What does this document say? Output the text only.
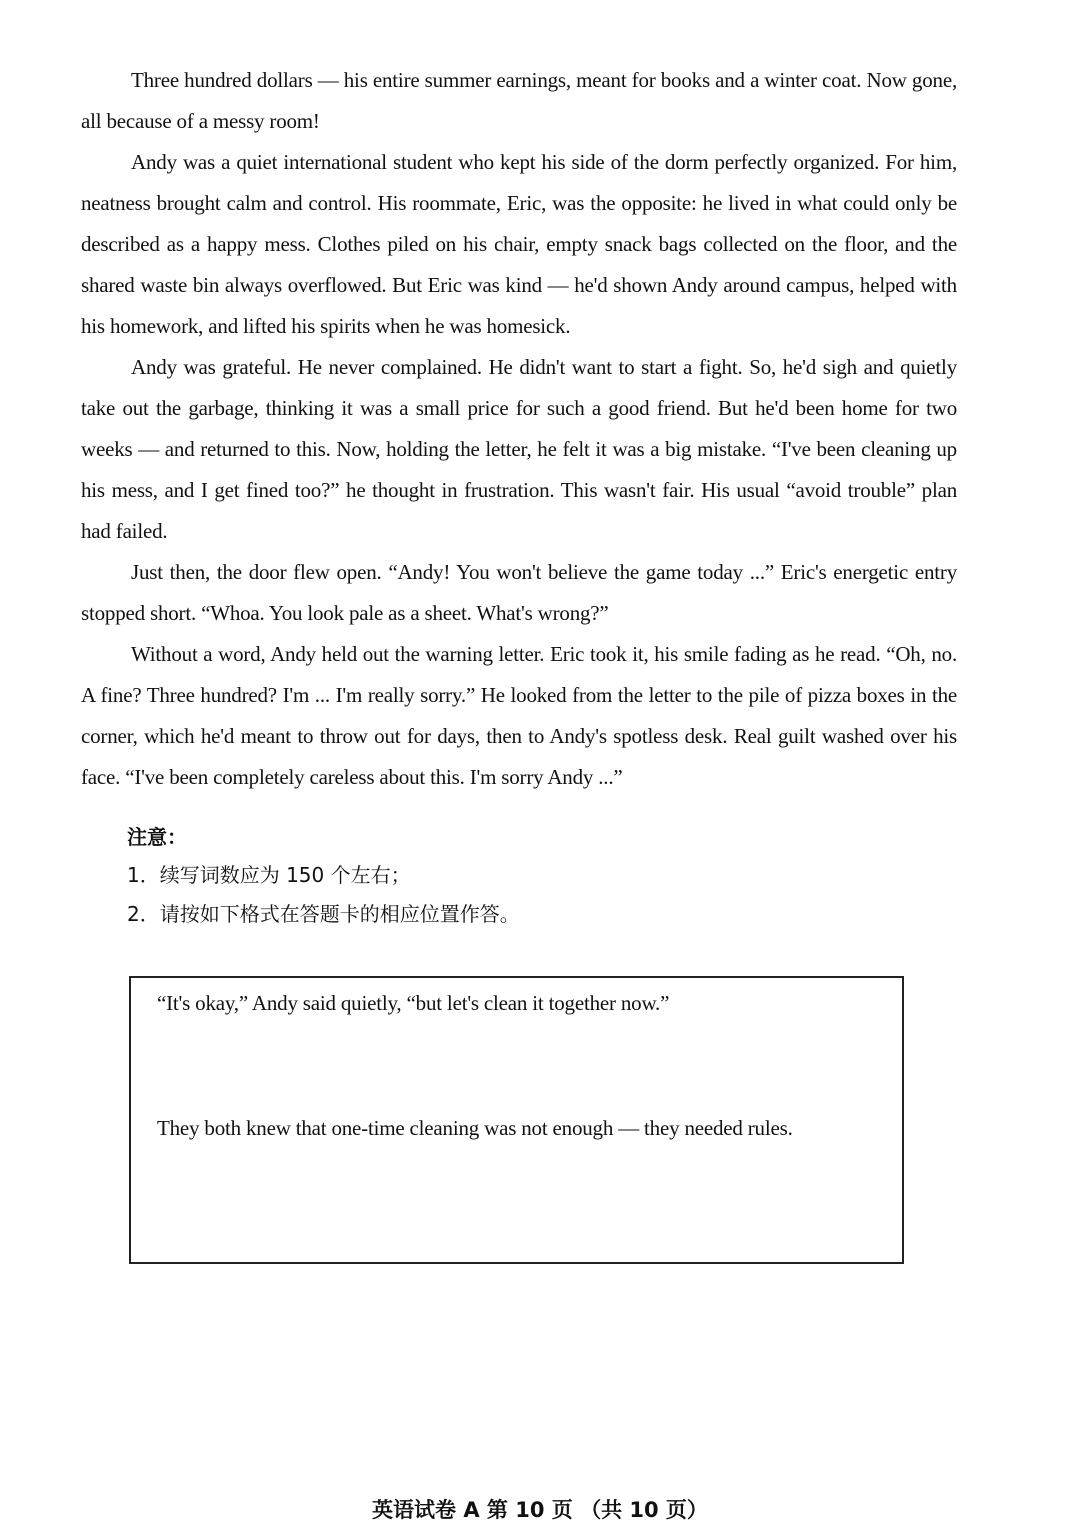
Three hundred dollars — his entire summer earnings, meant for books and a winter coat. Now gone, all because of a messy room!

Andy was a quiet international student who kept his side of the dorm perfectly organized. For him, neatness brought calm and control. His roommate, Eric, was the opposite: he lived in what could only be described as a happy mess. Clothes piled on his chair, empty snack bags collected on the floor, and the shared waste bin always overflowed. But Eric was kind — he'd shown Andy around campus, helped with his homework, and lifted his spirits when he was homesick.

Andy was grateful. He never complained. He didn't want to start a fight. So, he'd sigh and quietly take out the garbage, thinking it was a small price for such a good friend. But he'd been home for two weeks — and returned to this. Now, holding the letter, he felt it was a big mistake. “I've been cleaning up his mess, and I get fined too?” he thought in frustration. This wasn't fair. His usual “avoid trouble” plan had failed.

Just then, the door flew open. “Andy! You won't believe the game today ...” Eric's energetic entry stopped short. “Whoa. You look pale as a sheet. What's wrong?”

Without a word, Andy held out the warning letter. Eric took it, his smile fading as he read. “Oh, no. A fine? Three hundred? I'm ... I'm really sorry.” He looked from the letter to the pile of pizza boxes in the corner, which he'd meant to throw out for days, then to Andy's spotless desk. Real guilt washed over his face. “I've been completely careless about this. I'm sorry Andy ...”

注意：
1．续写词数应为 150 个左右；
2．请按如下格式在答题卡的相应位置作答。
“It's okay,” Andy said quietly, “but let's clean it together now.”
They both knew that one-time cleaning was not enough — they needed rules.
英语试卷 A 第 10 页 （共 10 页）
